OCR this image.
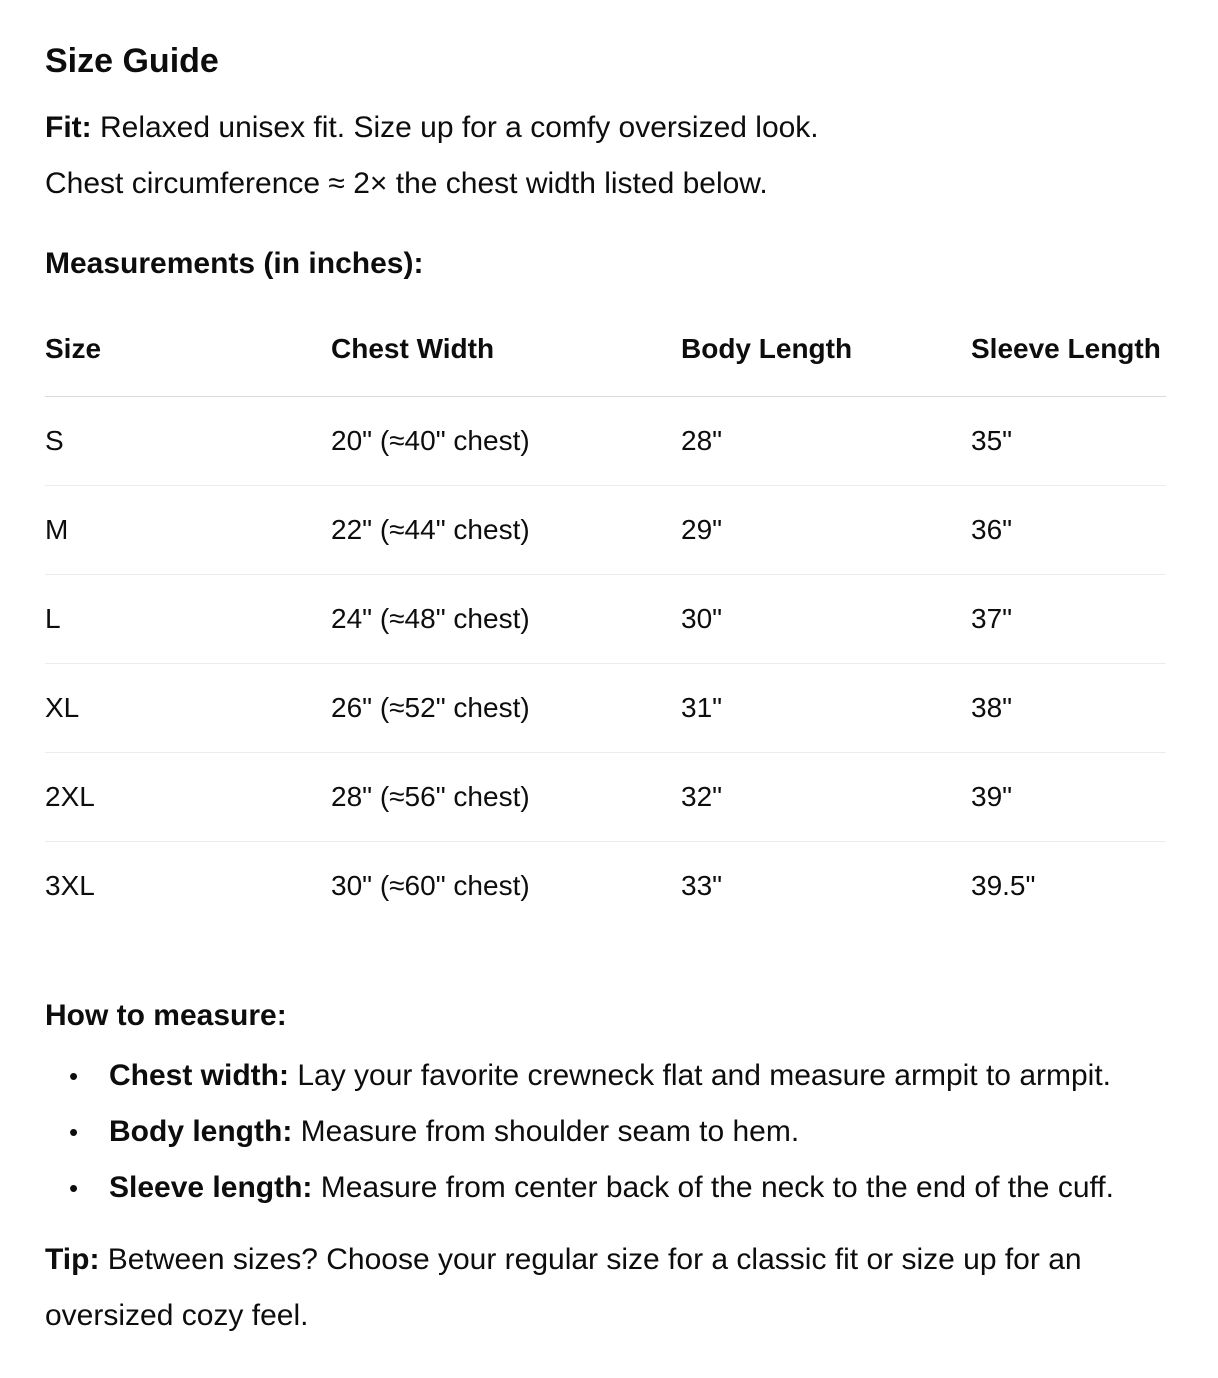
Size Guide

Fit: Relaxed unisex fit. Size up for a comfy oversized look.

Chest circumference ≈ 2× the chest width listed below.

Measurements (in inches):
Size	Chest Width	Body Length	Sleeve Length
S	20" (≈40" chest)	28"	35"
M	22" (≈44" chest)	29"	36"
L	24" (≈48" chest)	30"	37"
XL	26" (≈52" chest)	31"	38"
2XL	28" (≈56" chest)	32"	39"
3XL	30" (≈60" chest)	33"	39.5"
How to measure:
• Chest width: Lay your favorite crewneck flat and measure armpit to armpit.
• Body length: Measure from shoulder seam to hem.
• Sleeve length: Measure from center back of the neck to the end of the cuff.

Tip: Between sizes? Choose your regular size for a classic fit or size up for an oversized cozy feel.
